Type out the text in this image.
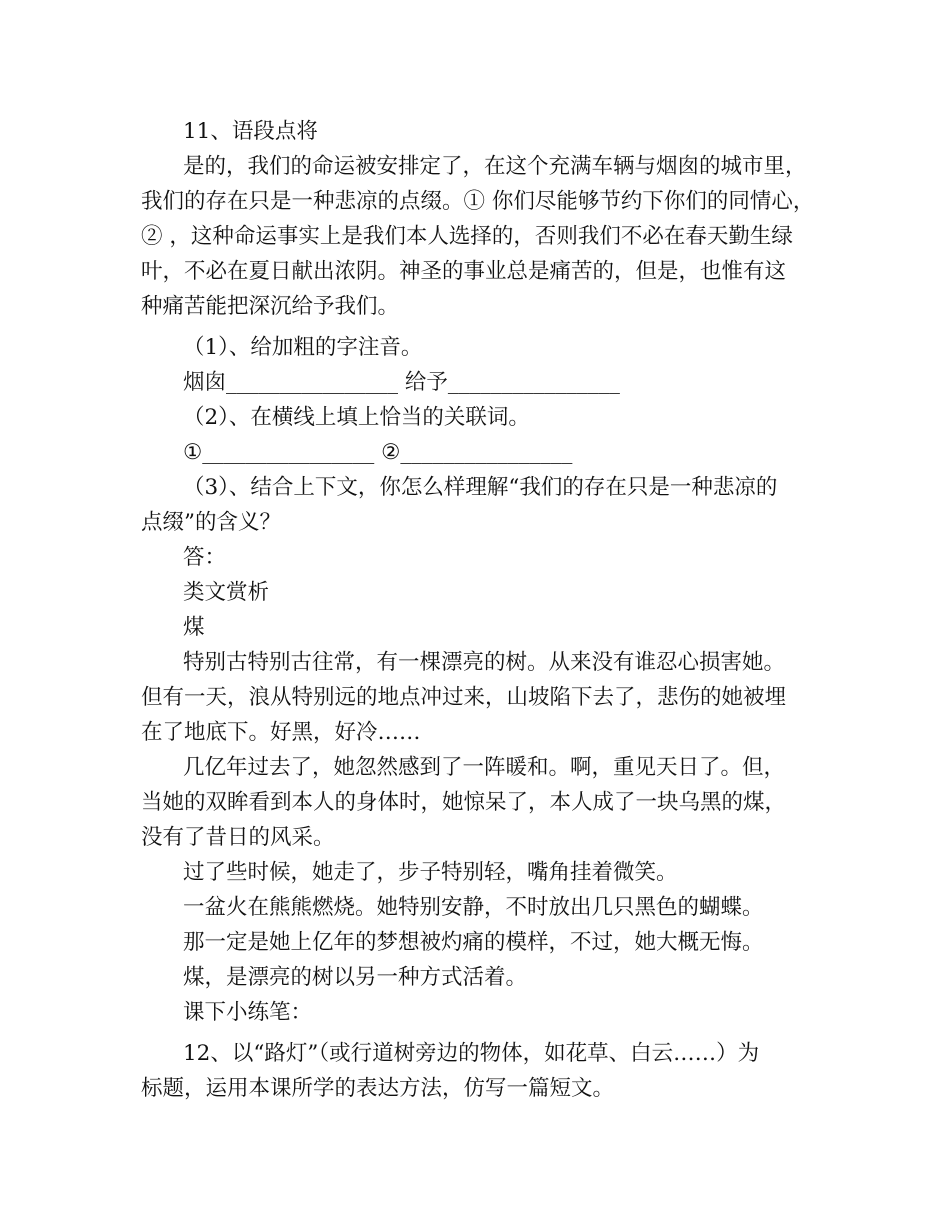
11、语段点将
是的，我们的命运被安排定了，在这个充满车辆与烟囱的城市里，
我们的存在只是一种悲凉的点缀。① 你们尽能够节约下你们的同情心，
② ，这种命运事实上是我们本人选择的，否则我们不必在春天勤生绿
叶，不必在夏日献出浓阴。神圣的事业总是痛苦的，但是，也惟有这
种痛苦能把深沉给予我们。
（1）、给加粗的字注音。
烟囱________________ 给予________________
（2）、在横线上填上恰当的关联词。
①________________ ②________________
（3）、结合上下文，你怎么样理解“我们的存在只是一种悲凉的
点缀”的含义？
答：
类文赏析
煤
特别古特别古往常，有一棵漂亮的树。从来没有谁忍心损害她。
但有一天，浪从特别远的地点冲过来，山坡陷下去了，悲伤的她被埋
在了地底下。好黑，好冷……
几亿年过去了，她忽然感到了一阵暖和。啊，重见天日了。但，
当她的双眸看到本人的身体时，她惊呆了，本人成了一块乌黑的煤，
没有了昔日的风采。
过了些时候，她走了，步子特别轻，嘴角挂着微笑。
一盆火在熊熊燃烧。她特别安静，不时放出几只黑色的蝴蝶。
那一定是她上亿年的梦想被灼痛的模样，不过，她大概无悔。
煤，是漂亮的树以另一种方式活着。
课下小练笔：
12、以“路灯”（或行道树旁边的物体，如花草、白云……）为
标题，运用本课所学的表达方法，仿写一篇短文。
